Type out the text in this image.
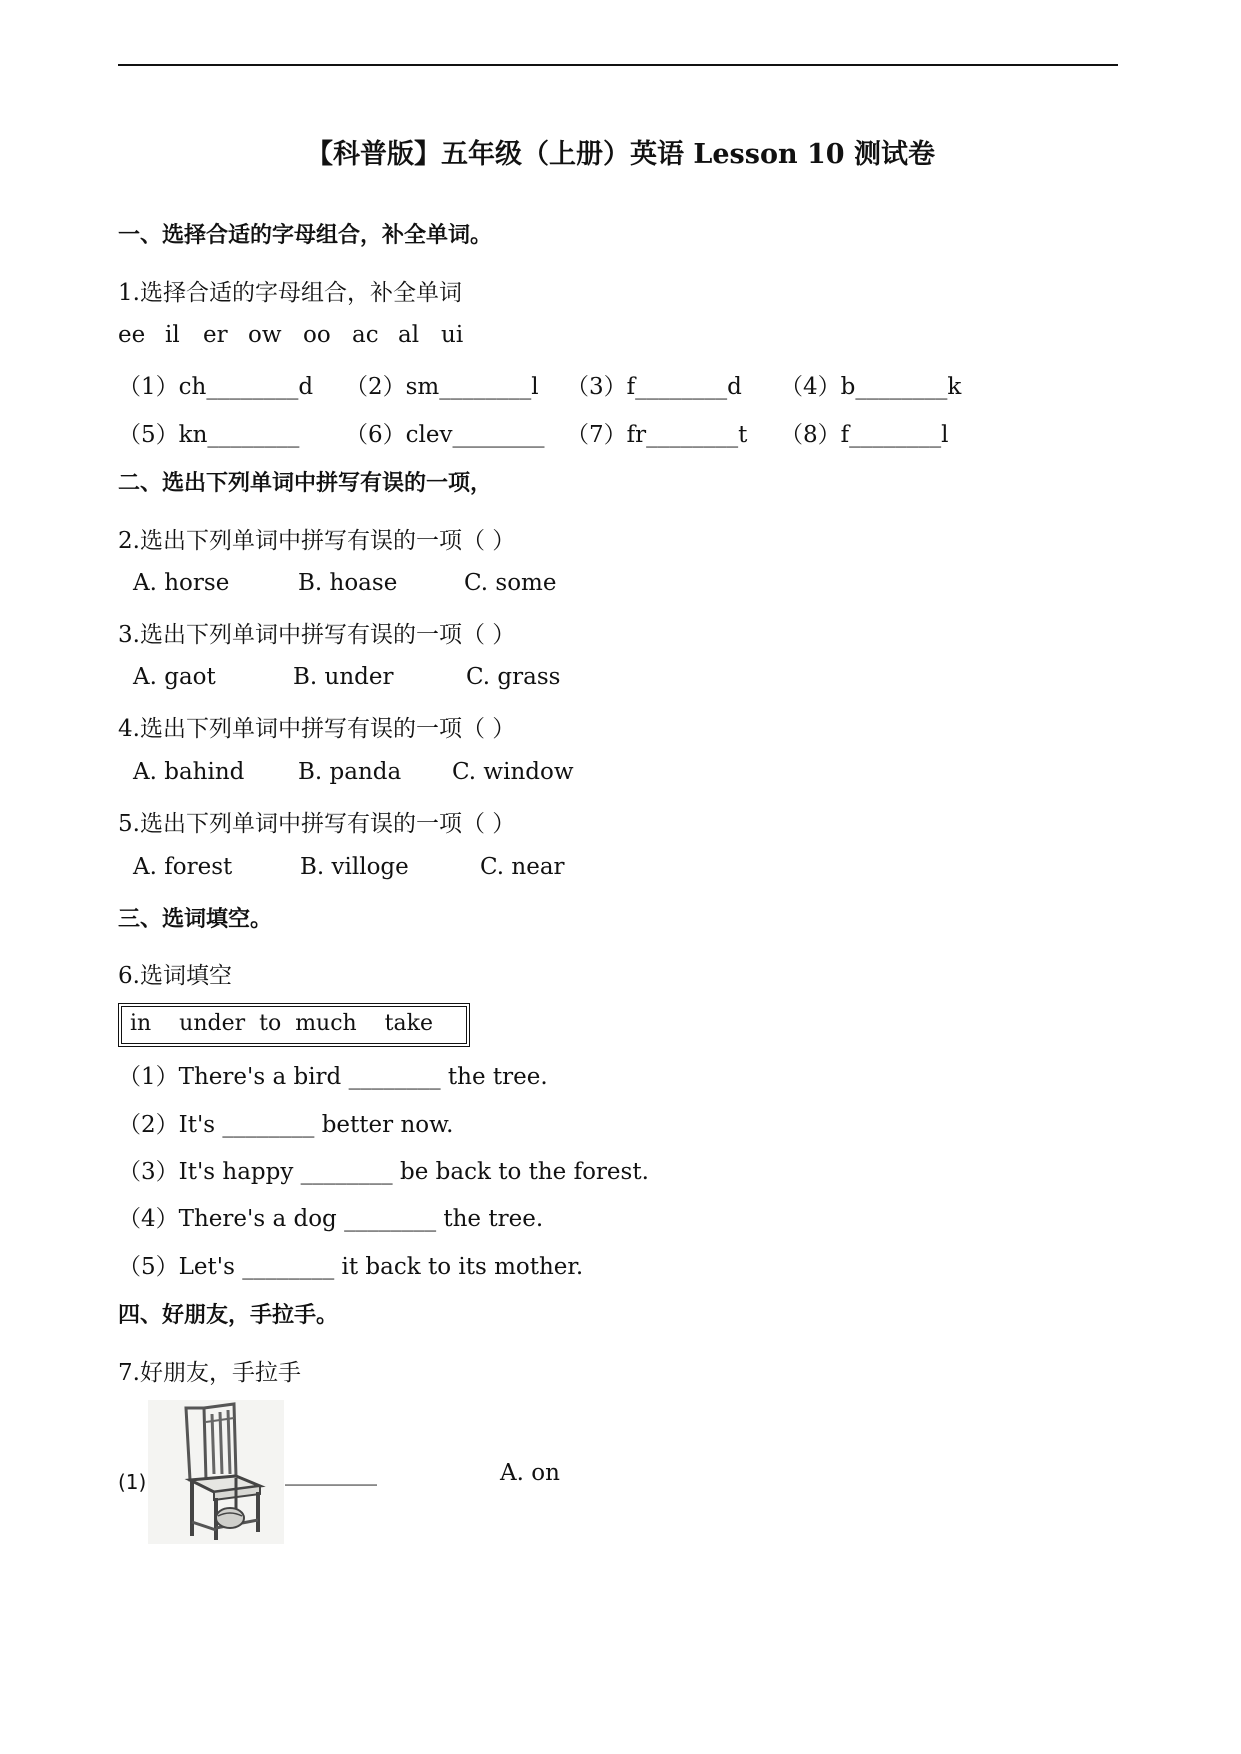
【科普版】五年级（上册）英语 Lesson 10 测试卷
一、选择合适的字母组合，补全单词。
1.选择合适的字母组合，补全单词
ee il er ow oo ac al ui
（1）ch________d （2）sm________l （3）f________d （4）b________k
（5）kn________ （6）clev________ （7）fr________t （8）f________l
二、选出下列单词中拼写有误的一项，
2.选出下列单词中拼写有误的一项（ ）
A. horse	B. hoase	C. some
3.选出下列单词中拼写有误的一项（ ）
A. gaot	B. under	C. grass
4.选出下列单词中拼写有误的一项（ ）
A. bahind B. panda C. window
5.选出下列单词中拼写有误的一项（ ）
A. forest	B. villoge	C. near
三、选词填空。
6.选词填空
in    under  to  much    take
（1）There's a bird ________ the tree.
（2）It's ________ better now.
（3）It's happy ________ be back to the forest.
（4）There's a dog ________ the tree.
（5）Let's ________ it back to its mother.
四、好朋友，手拉手。
7.好朋友，手拉手
(1)	________	A. on
